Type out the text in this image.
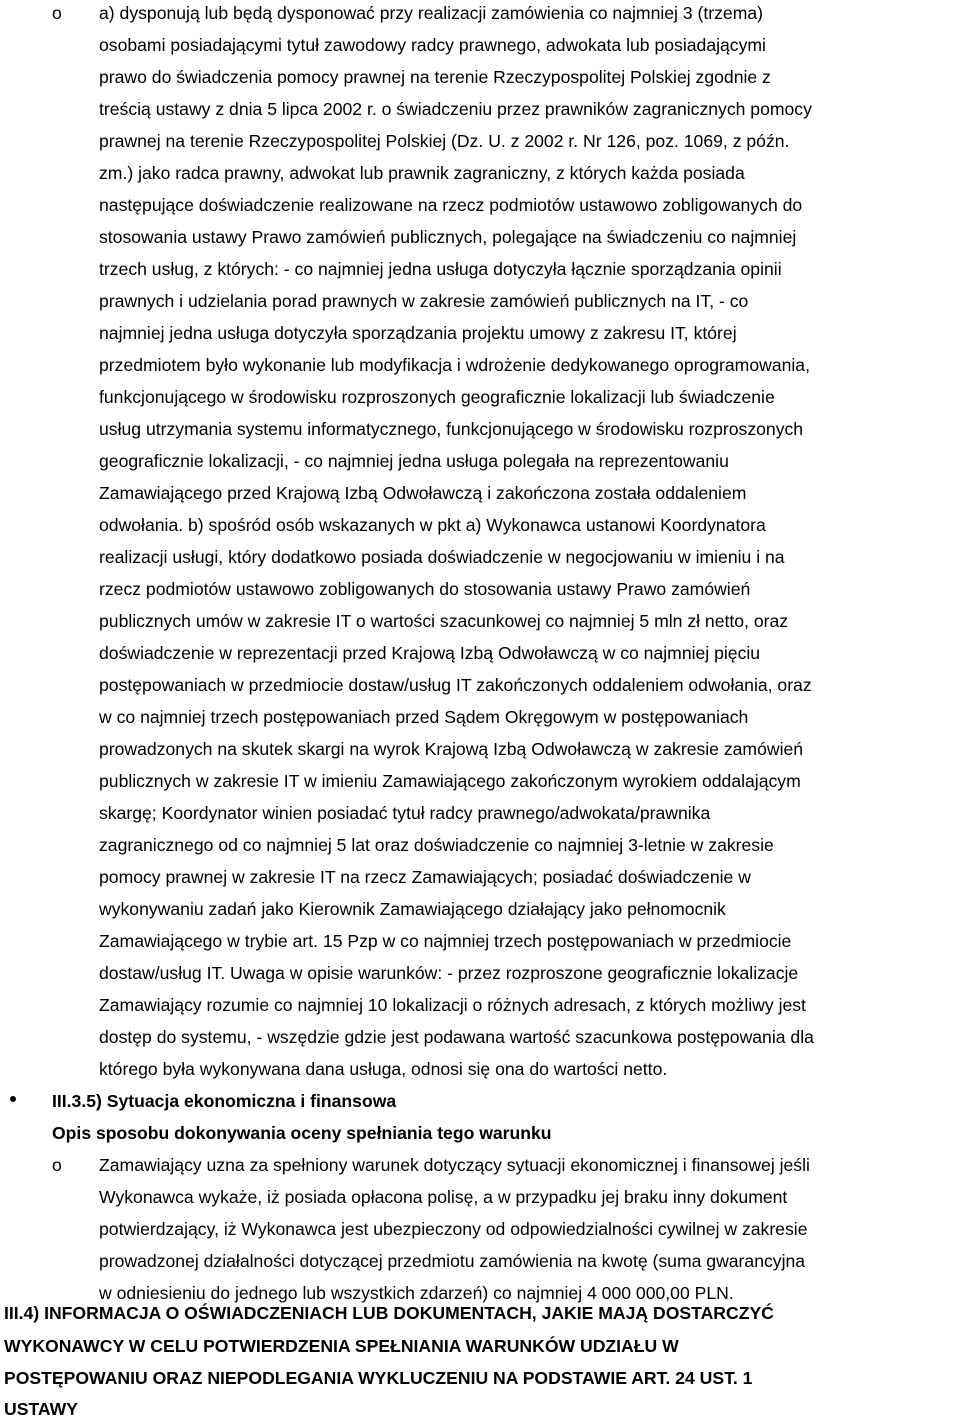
o a) dysponują lub będą dysponować przy realizacji zamówienia co najmniej 3 (trzema)
osobami posiadającymi tytuł zawodowy radcy prawnego, adwokata lub posiadającymi
prawo do świadczenia pomocy prawnej na terenie Rzeczypospolitej Polskiej zgodnie z
treścią ustawy z dnia 5 lipca 2002 r. o świadczeniu przez prawników zagranicznych pomocy
prawnej na terenie Rzeczypospolitej Polskiej (Dz. U. z 2002 r. Nr 126, poz. 1069, z późn.
zm.) jako radca prawny, adwokat lub prawnik zagraniczny, z których każda posiada
następujące doświadczenie realizowane na rzecz podmiotów ustawowo zobligowanych do
stosowania ustawy Prawo zamówień publicznych, polegające na świadczeniu co najmniej
trzech usług, z których: - co najmniej jedna usługa dotyczyła łącznie sporządzania opinii
prawnych i udzielania porad prawnych w zakresie zamówień publicznych na IT, - co
najmniej jedna usługa dotyczyła sporządzania projektu umowy z zakresu IT, której
przedmiotem było wykonanie lub modyfikacja i wdrożenie dedykowanego oprogramowania,
funkcjonującego w środowisku rozproszonych geograficznie lokalizacji lub świadczenie
usług utrzymania systemu informatycznego, funkcjonującego w środowisku rozproszonych
geograficznie lokalizacji, - co najmniej jedna usługa polegała na reprezentowaniu
Zamawiającego przed Krajową Izbą Odwoławczą i zakończona została oddaleniem
odwołania. b) spośród osób wskazanych w pkt a) Wykonawca ustanowi Koordynatora
realizacji usługi, który dodatkowo posiada doświadczenie w negocjowaniu w imieniu i na
rzecz podmiotów ustawowo zobligowanych do stosowania ustawy Prawo zamówień
publicznych umów w zakresie IT o wartości szacunkowej co najmniej 5 mln zł netto, oraz
doświadczenie w reprezentacji przed Krajową Izbą Odwoławczą w co najmniej pięciu
postępowaniach w przedmiocie dostaw/usług IT zakończonych oddaleniem odwołania, oraz
w co najmniej trzech postępowaniach przed Sądem Okręgowym w postępowaniach
prowadzonych na skutek skargi na wyrok Krajową Izbą Odwoławczą w zakresie zamówień
publicznych w zakresie IT w imieniu Zamawiającego zakończonym wyrokiem oddalającym
skargę; Koordynator winien posiadać tytuł radcy prawnego/adwokata/prawnika
zagranicznego od co najmniej 5 lat oraz doświadczenie co najmniej 3-letnie w zakresie
pomocy prawnej w zakresie IT na rzecz Zamawiających; posiadać doświadczenie w
wykonywaniu zadań jako Kierownik Zamawiającego działający jako pełnomocnik
Zamawiającego w trybie art. 15 Pzp w co najmniej trzech postępowaniach w przedmiocie
dostaw/usług IT. Uwaga w opisie warunków: - przez rozproszone geograficznie lokalizacje
Zamawiający rozumie co najmniej 10 lokalizacji o różnych adresach, z których możliwy jest
dostęp do systemu, - wszędzie gdzie jest podawana wartość szacunkowa postępowania dla
którego była wykonywana dana usługa, odnosi się ona do wartości netto.
III.3.5) Sytuacja ekonomiczna i finansowa
Opis sposobu dokonywania oceny spełniania tego warunku
o Zamawiający uzna za spełniony warunek dotyczący sytuacji ekonomicznej i finansowej jeśli
Wykonawca wykaże, iż posiada opłacona polisę, a w przypadku jej braku inny dokument
potwierdzający, iż Wykonawca jest ubezpieczony od odpowiedzialności cywilnej w zakresie
prowadzonej działalności dotyczącej przedmiotu zamówienia na kwotę (suma gwarancyjna
w odniesieniu do jednego lub wszystkich zdarzeń) co najmniej 4 000 000,00 PLN.
III.4) INFORMACJA O OŚWIADCZENIACH LUB DOKUMENTACH, JAKIE MAJĄ DOSTARCZYĆ
WYKONAWCY W CELU POTWIERDZENIA SPEŁNIANIA WARUNKÓW UDZIAŁU W
POSTĘPOWANIU ORAZ NIEPODLEGANIA WYKLUCZENIU NA PODSTAWIE ART. 24 UST. 1
USTAWY
